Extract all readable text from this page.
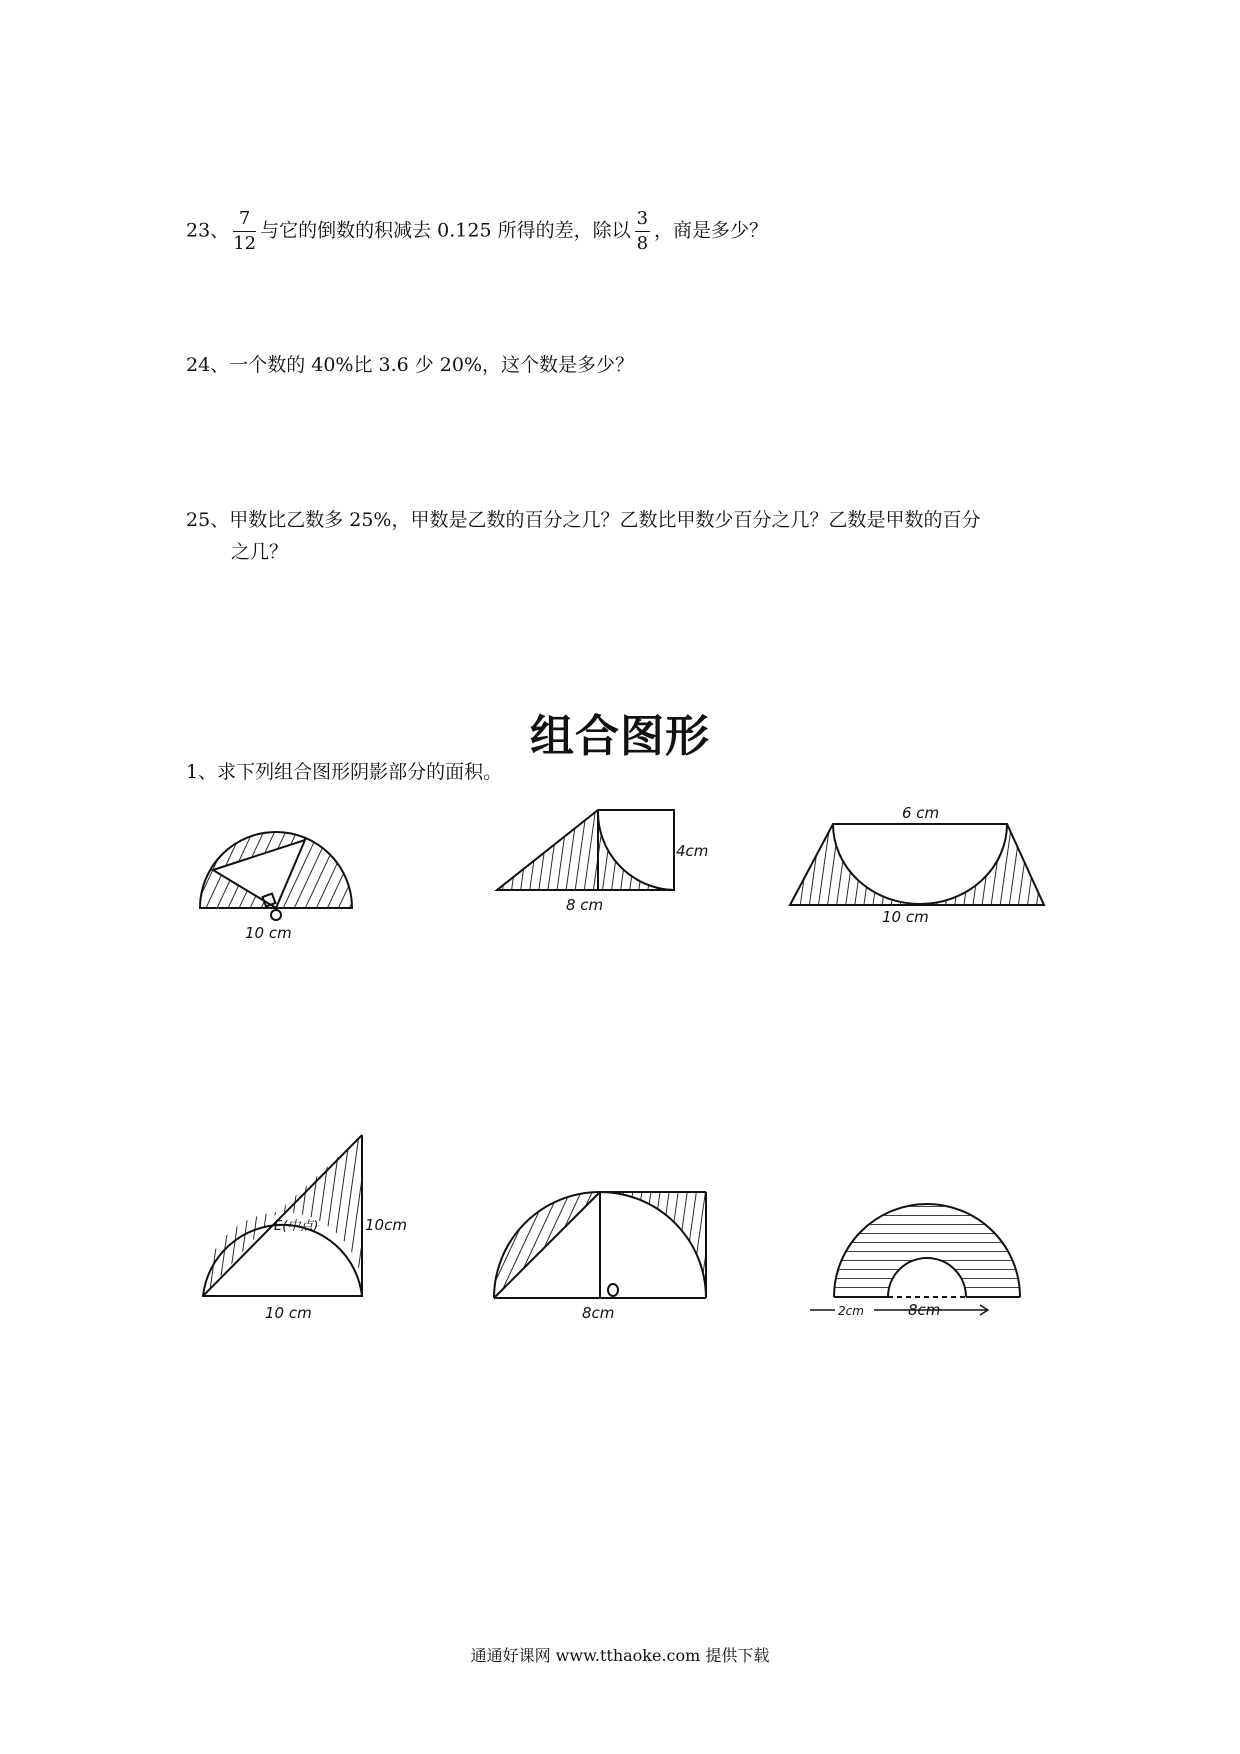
23、 $\frac{7}{12}$ 与它的倒数的积减去 0.125 所得的差，除以 $\frac{3}{8}$ ，商是多少？
24、一个数的 40%比 3.6 少 20%，这个数是多少？
25、甲数比乙数多 25%，甲数是乙数的百分之几？乙数比甲数少百分之几？乙数是甲数的百分
之几？
组合图形
1、求下列组合图形阴影部分的面积。
10 cm
8 cm
4cm
6 cm
10 cm
E(中点)	10cm
10 cm	8cm	2cm	8cm
通通好课网 www.tthaoke.com 提供下载
